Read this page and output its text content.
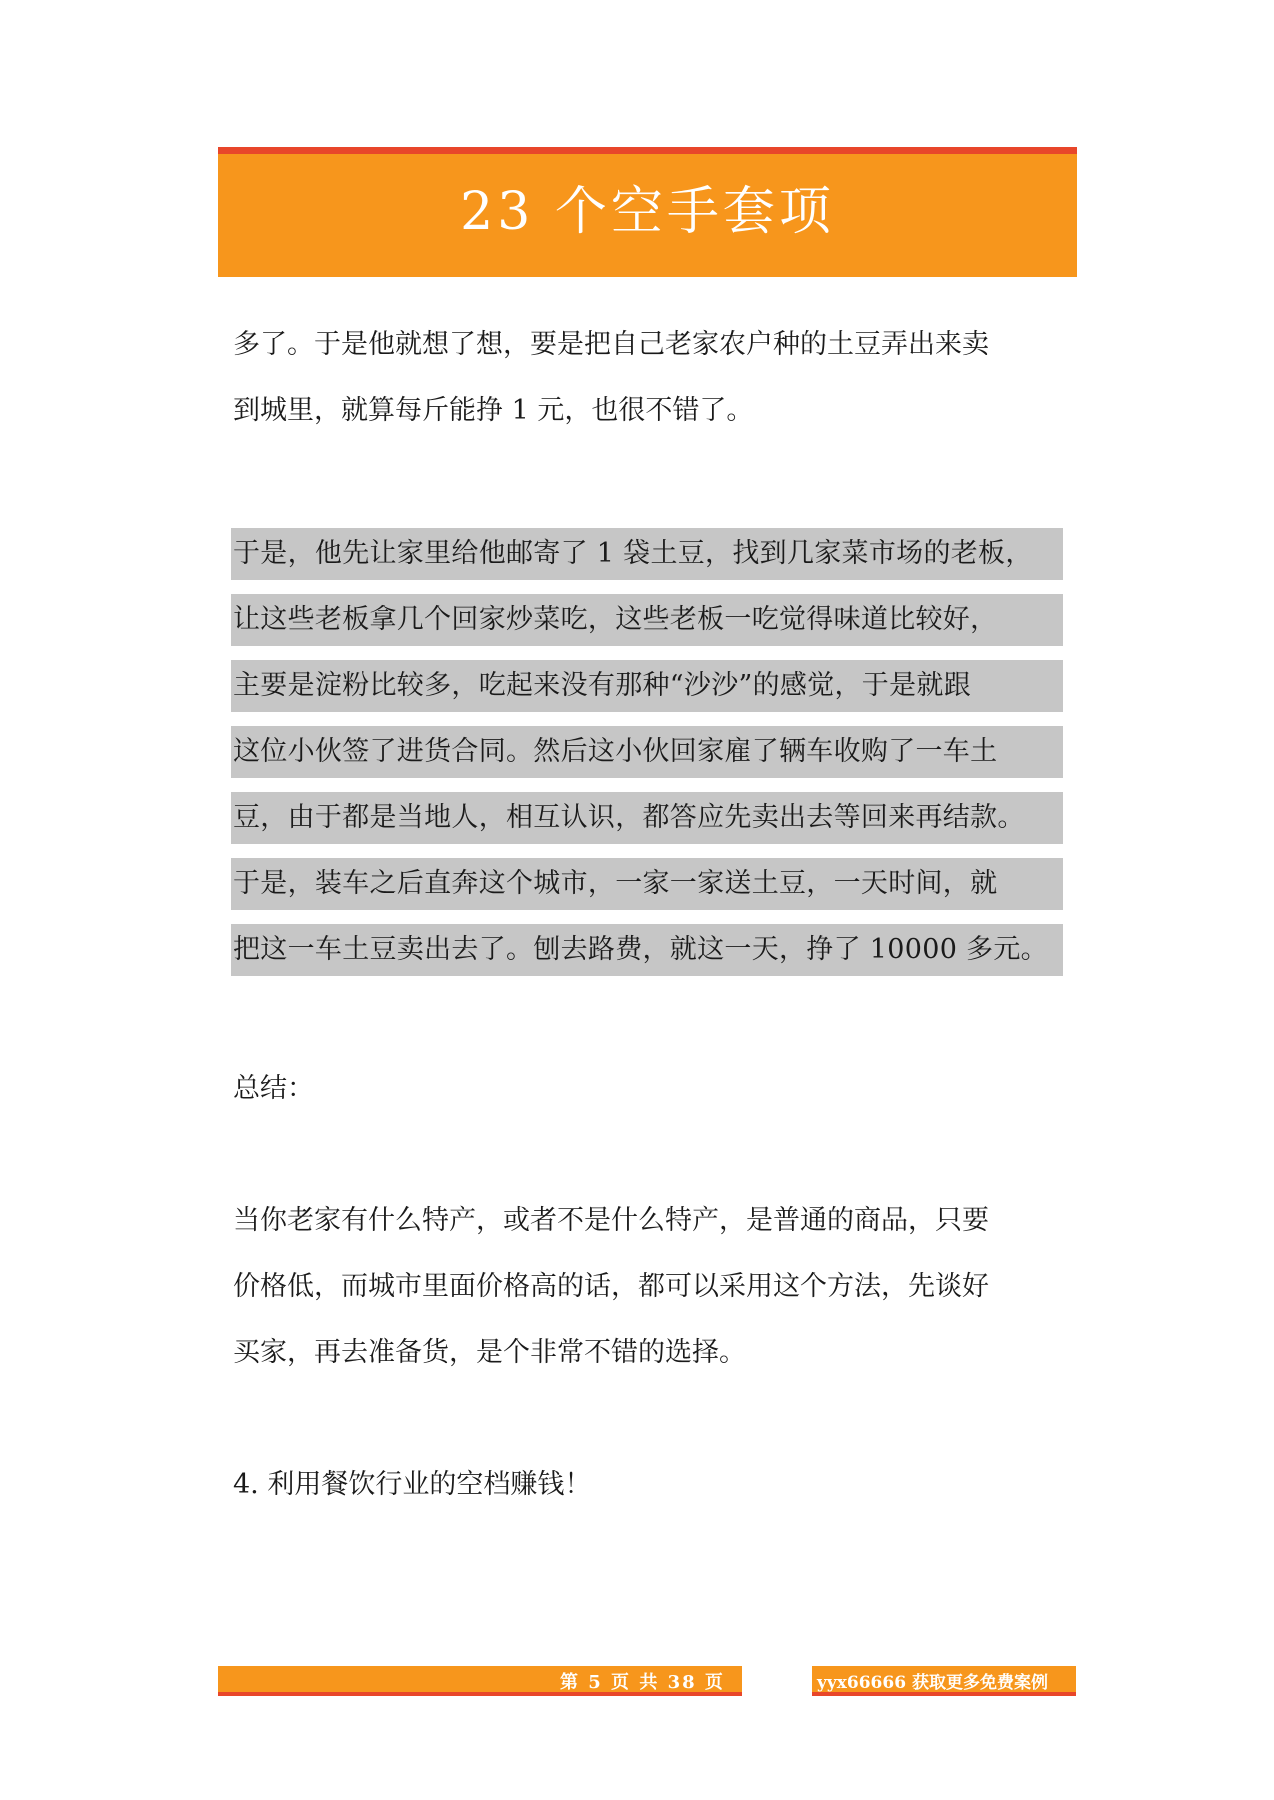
23 个空手套项

多了。于是他就想了想，要是把自己老家农户种的土豆弄出来卖

到城里，就算每斤能挣 1 元，也很不错了。

于是，他先让家里给他邮寄了 1 袋土豆，找到几家菜市场的老板，
让这些老板拿几个回家炒菜吃，这些老板一吃觉得味道比较好，
主要是淀粉比较多，吃起来没有那种“沙沙”的感觉，于是就跟
这位小伙签了进货合同。然后这小伙回家雇了辆车收购了一车土
豆，由于都是当地人，相互认识，都答应先卖出去等回来再结款。
于是，装车之后直奔这个城市，一家一家送土豆，一天时间，就
把这一车土豆卖出去了。刨去路费，就这一天，挣了 10000 多元。

总结：

当你老家有什么特产，或者不是什么特产，是普通的商品，只要

价格低，而城市里面价格高的话，都可以采用这个方法，先谈好

买家，再去准备货，是个非常不错的选择。

4. 利用餐饮行业的空档赚钱！

第 5 页 共 38 页	yyx66666 获取更多免费案例
